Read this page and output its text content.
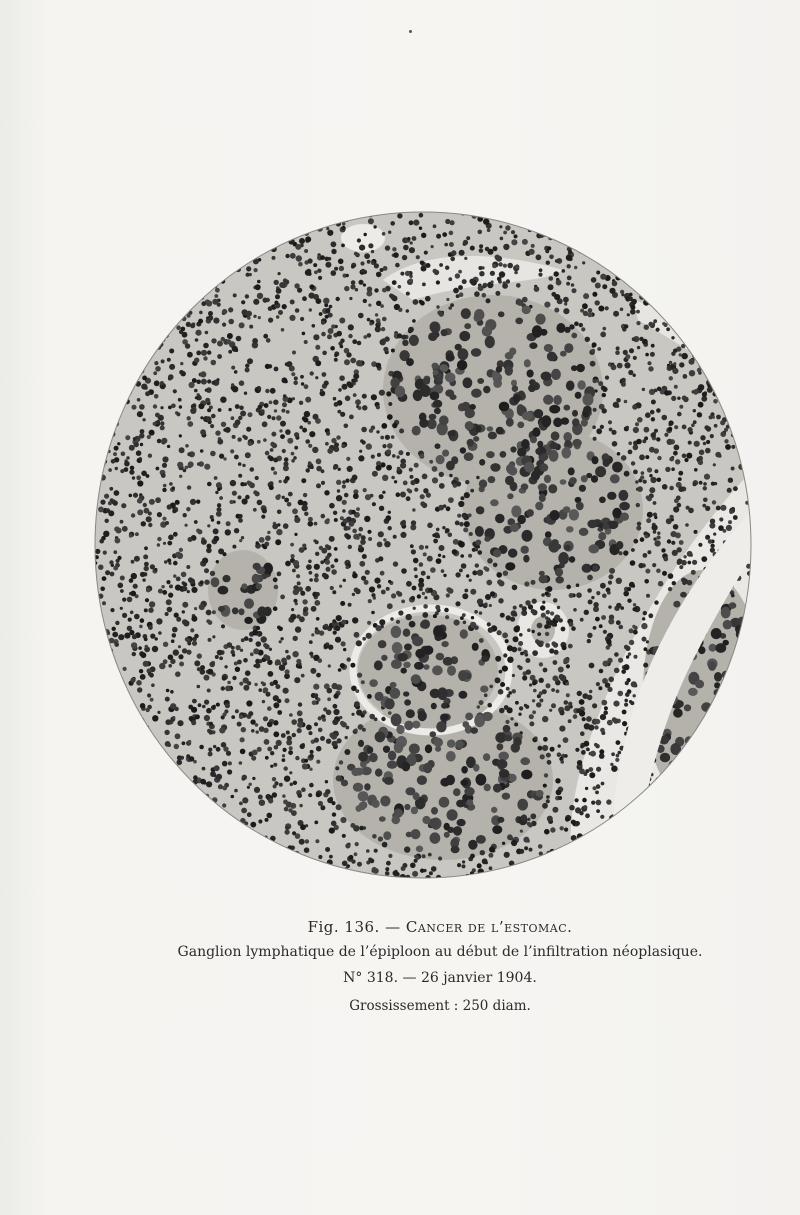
Fig. 136. — Cancer de l’estomac.
Ganglion lymphatique de l’épiploon au début de l’infiltration néoplasique.
N° 318. — 26 janvier 1904.
Grossissement : 250 diam.
